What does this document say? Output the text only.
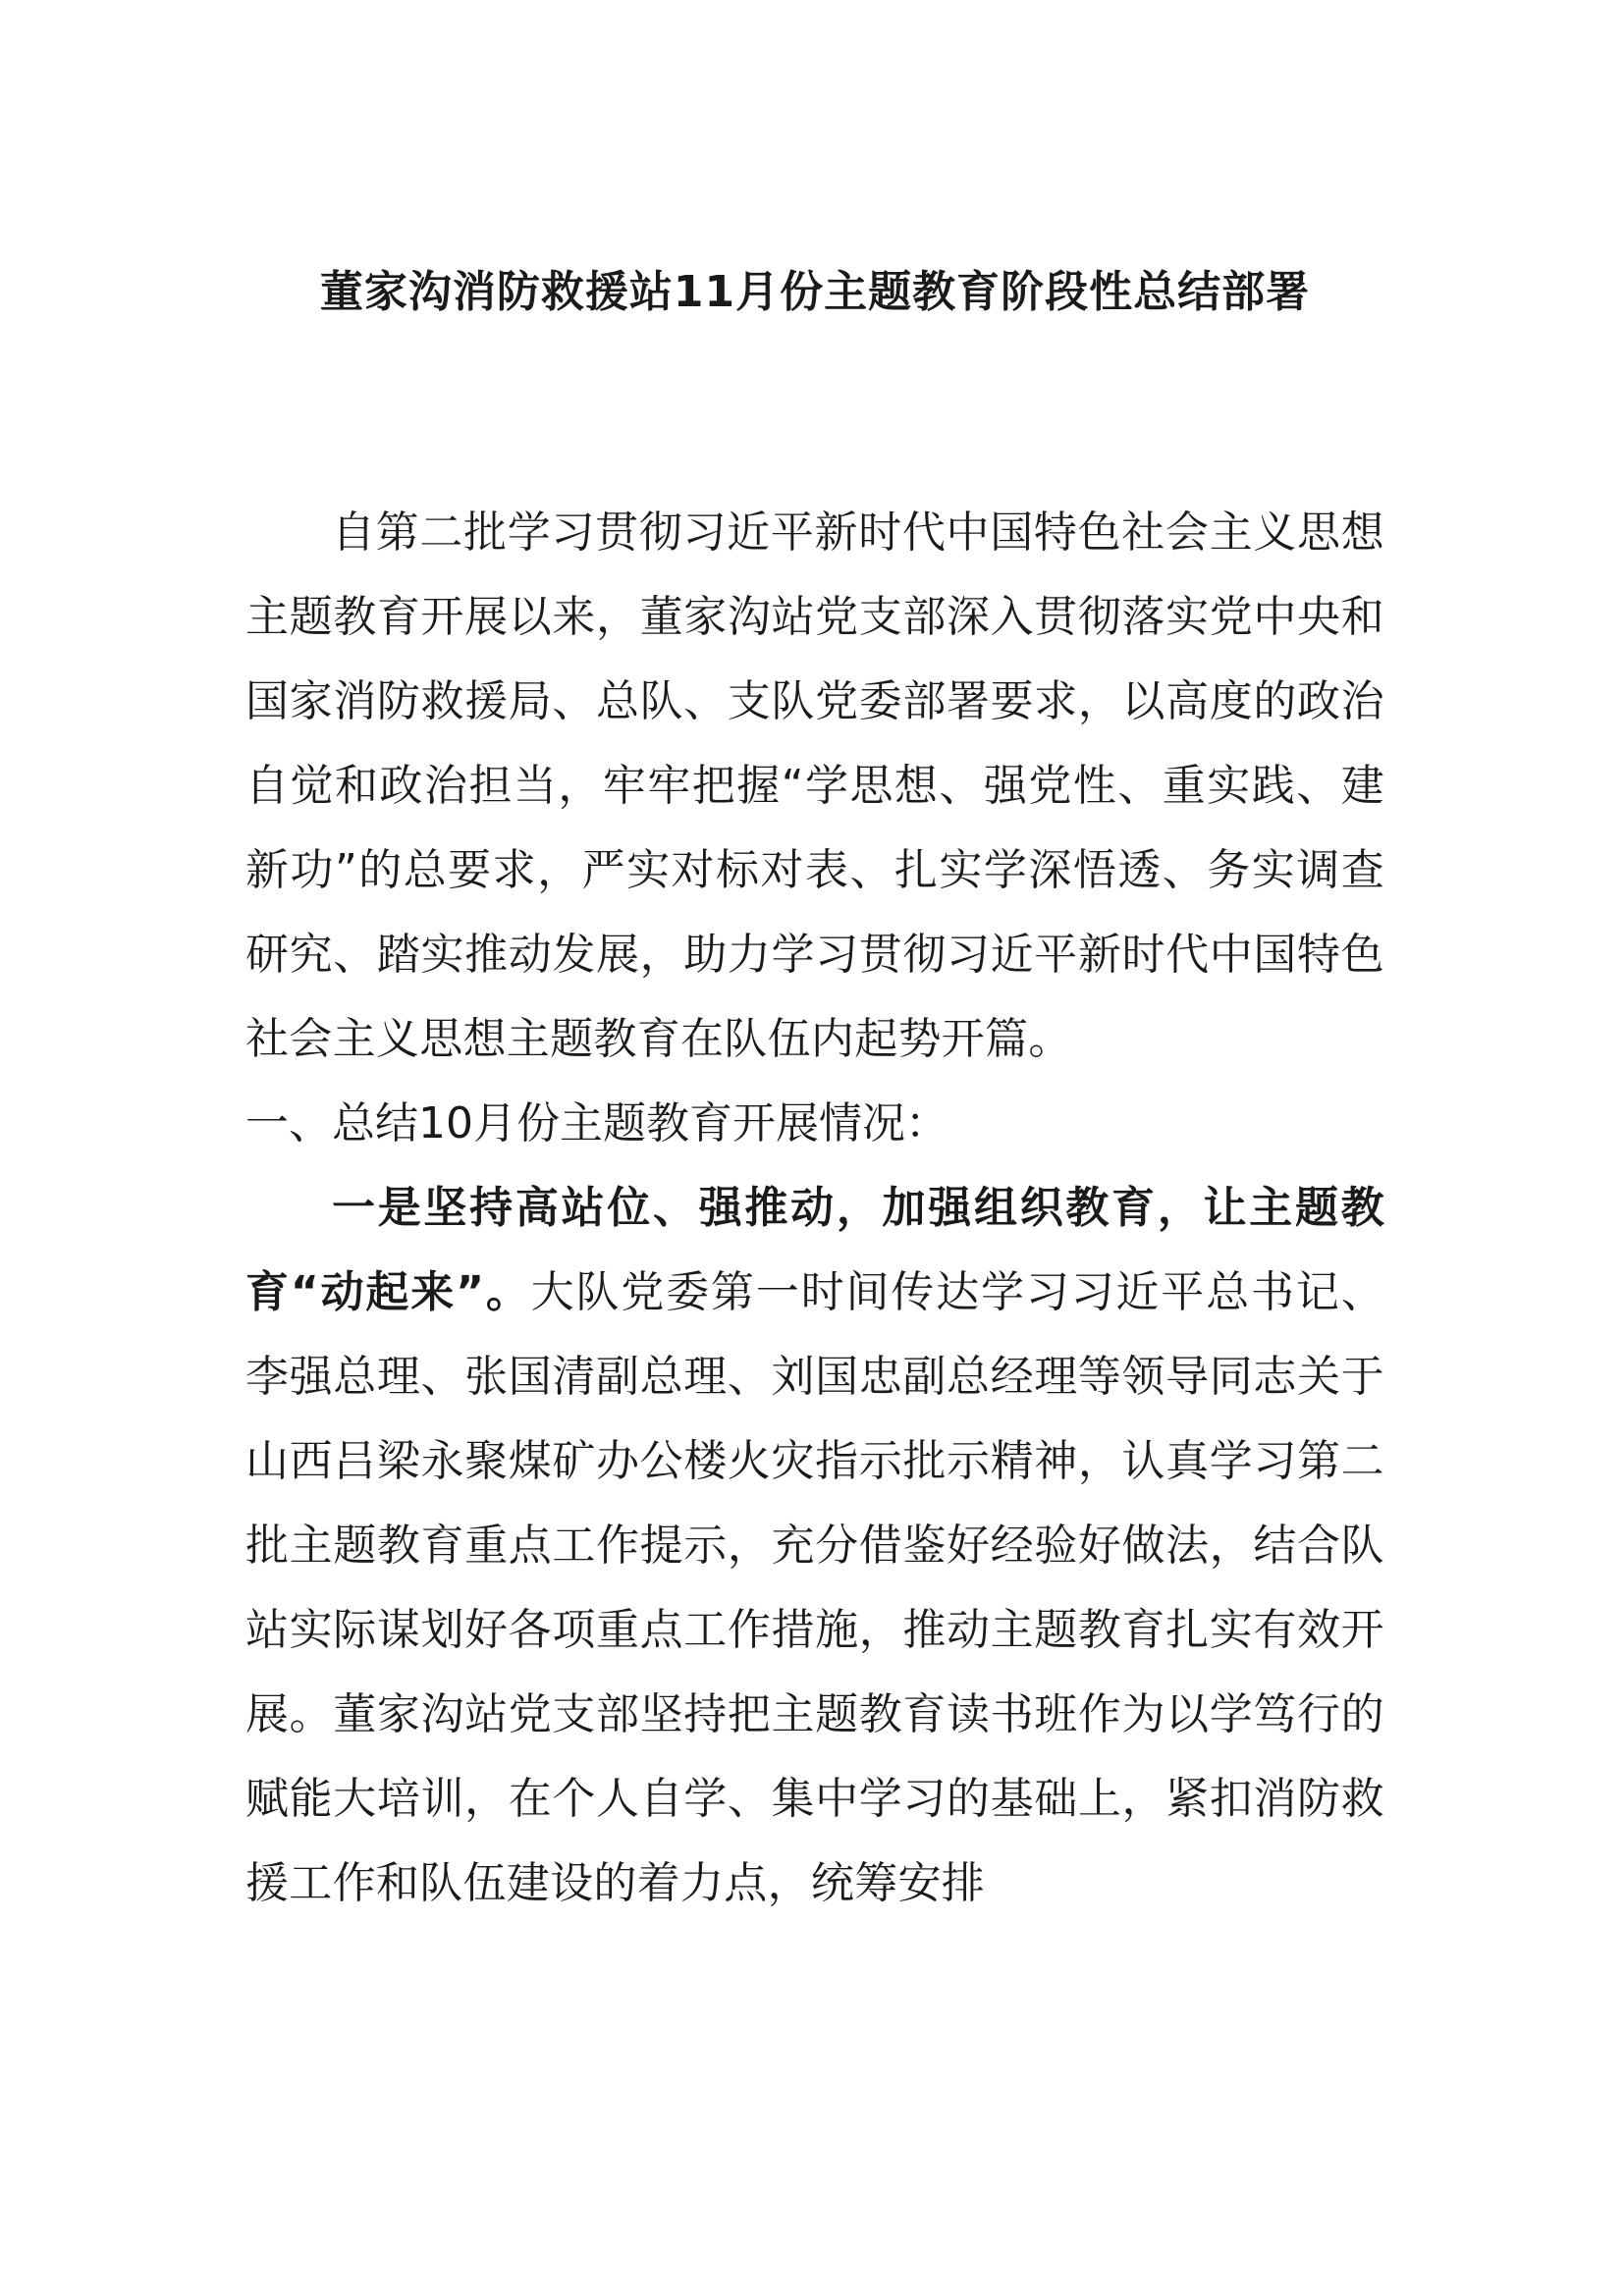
董家沟消防救援站11月份主题教育阶段性总结部署

自第二批学习贯彻习近平新时代中国特色社会主义思想主题教育开展以来，董家沟站党支部深入贯彻落实党中央和国家消防救援局、总队、支队党委部署要求，以高度的政治自觉和政治担当，牢牢把握“学思想、强党性、重实践、建新功”的总要求，严实对标对表、扎实学深悟透、务实调查研究、踏实推动发展，助力学习贯彻习近平新时代中国特色社会主义思想主题教育在队伍内起势开篇。

一、总结10月份主题教育开展情况：

一是坚持高站位、强推动，加强组织教育，让主题教育“动起来”。大队党委第一时间传达学习习近平总书记、李强总理、张国清副总理、刘国忠副总经理等领导同志关于山西吕梁永聚煤矿办公楼火灾指示批示精神，认真学习第二批主题教育重点工作提示，充分借鉴好经验好做法，结合队站实际谋划好各项重点工作措施，推动主题教育扎实有效开展。董家沟站党支部坚持把主题教育读书班作为以学笃行的赋能大培训，在个人自学、集中学习的基础上，紧扣消防救援工作和队伍建设的着力点，统筹安排
